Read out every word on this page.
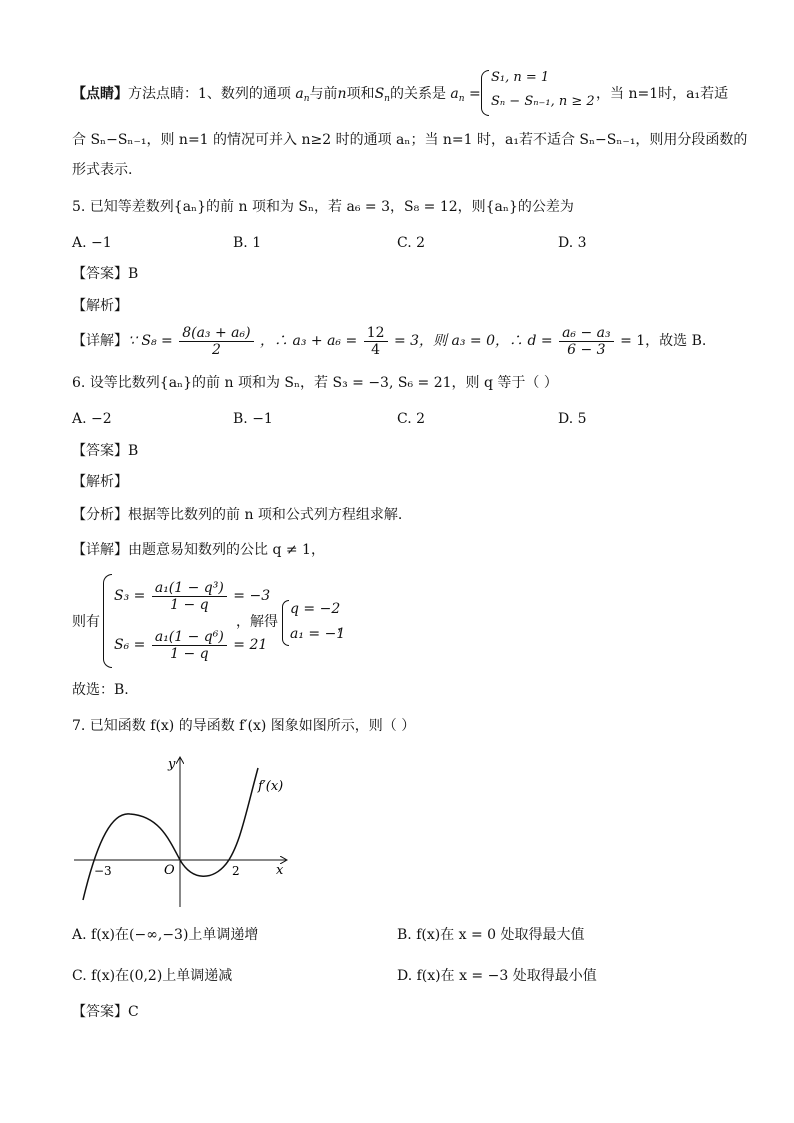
【点睛】方法点睛：1、数列的通项 $a_n$与前n项和$S_n$的关系是 $a_n$ =
S₁, n = 1
Sₙ − Sₙ₋₁, n ≥ 2 ，当 n=1时，a₁若适
合 Sₙ−Sₙ₋₁，则 n=1 的情况可并入 n≥2 时的通项 aₙ；当 n=1 时，a₁若不适合 Sₙ−Sₙ₋₁，则用分段函数的
形式表示.
5. 已知等差数列{aₙ}的前 n 项和为 Sₙ，若 a₆ = 3，S₈ = 12，则{aₙ}的公差为
A. −1	B. 1	C. 2	D. 3
【答案】B
【解析】
【详解】∵ $S_8 = \frac{\text{8(a₃ + a₆)}}{2}$ ，∴ $a_3 + a_6 = \frac{12}{4} = 3$，则 a₃ = 0，∴ $d = \frac{\text{a₆ − a₃}}{6 - 3} = 1$，故选 B.
6. 设等比数列{aₙ}的前 n 项和为 Sₙ，若 S₃ = −3, S₆ = 21，则 q 等于（ ）
A. −2	B. −1	C. 2	D. 5
【答案】B
【解析】
【分析】根据等比数列的前 n 项和公式列方程组求解.
【详解】由题意易知数列的公比 q ≠ 1，
则有
$S_3 = \frac{\text{a₁(1 − q³)}}{1 - q} = -3$
$S_6 = \frac{\text{a₁(1 − q⁶)}}{1 - q} = 21$
，解得
q = −2
a₁ = −1
，
故选：B.
7. 已知函数 f(x) 的导函数 f′(x) 图象如图所示，则（ ）
y
x
O
−3	2
f′(x)
A. f(x)在(−∞,−3)上单调递增	B. f(x)在 x = 0 处取得最大值
C. f(x)在(0,2)上单调递减	D. f(x)在 x = −3 处取得最小值
【答案】C
